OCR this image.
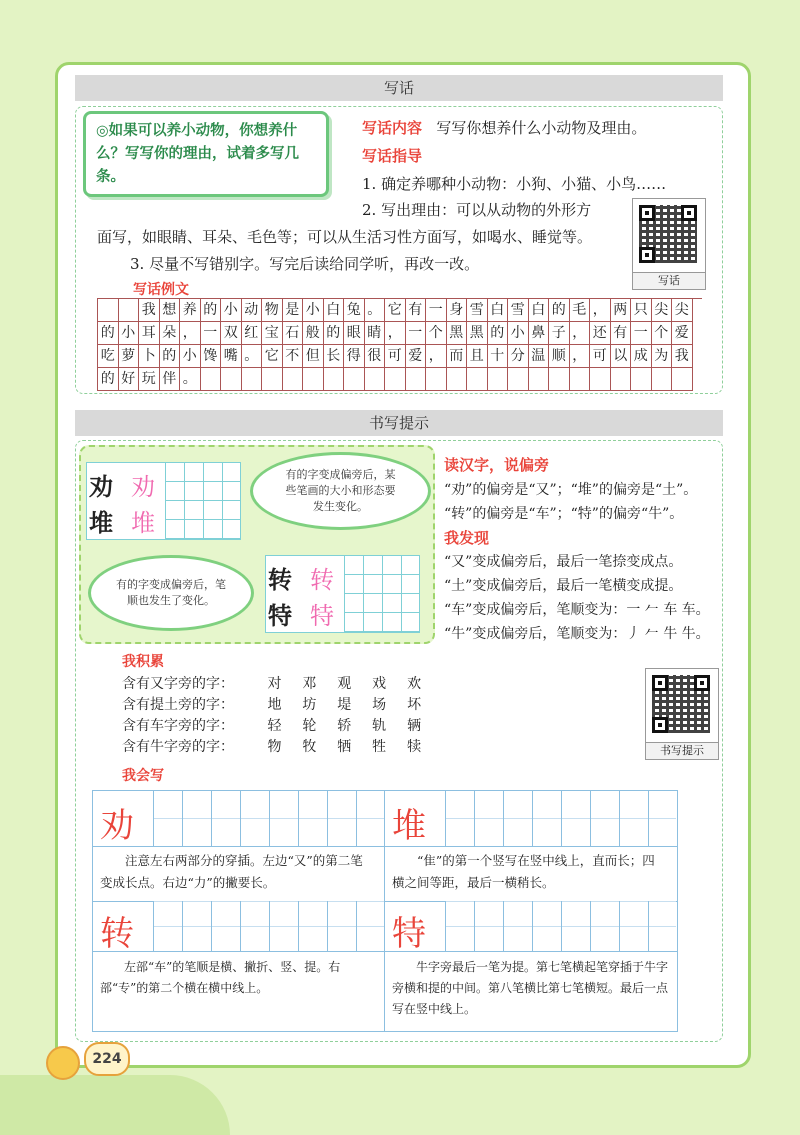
写话
◎如果可以养小动物，你想养什么？写写你的理由，试着多写几条。
写话内容 写写你想养什么小动物及理由。
写话指导
1. 确定养哪种小动物：小狗、小猫、小鸟……
2. 写出理由：可以从动物的外形方
面写，如眼睛、耳朵、毛色等；可以从生活习性方面写，如喝水、睡觉等。
3. 尽量不写错别字。写完后读给同学听，再改一改。
写话
写话例文
我 想 养 的 小 动 物 是 小 白 兔 。 它 有 一 身 雪 白 雪 白 的 毛 ， 两 只 尖 尖
的 小 耳 朵 ， 一 双 红 宝 石 般 的 眼 睛 ， 一 个 黑 黑 的 小 鼻 子 ， 还 有 一 个 爱
吃 萝 卜 的 小 馋 嘴 。 它 不 但 长 得 很 可 爱 ， 而 且 十 分 温 顺 ， 可 以 成 为 我
的 好 玩 伴 。
书写提示
劝 劝
堆 堆
有的字变成偏旁后，某些笔画的大小和形态要发生变化。
有的字变成偏旁后，笔顺也发生了变化。
转 转
特 特
读汉字，说偏旁
“劝”的偏旁是“又”；“堆”的偏旁是“土”。
“转”的偏旁是“车”；“特”的偏旁“牛”。
我发现
“又”变成偏旁后，最后一笔捺变成点。
“土”变成偏旁后，最后一笔横变成提。
“车”变成偏旁后，笔顺变为：一 𠂉 车 车。
“牛”变成偏旁后，笔顺变为：丿 𠂉 牛 牛。
我积累
含有又字旁的字：	对	邓	观	戏	欢
含有提土旁的字：	地	坊	堤	场	坏
含有车字旁的字：	轻	轮	轿	轨	辆
含有牛字旁的字：	物	牧	牺	牲	犊	书写提示
我会写
劝	堆
转	特
注意左右两部分的穿插。左边“又”的第二笔变成长点。右边“力”的撇要长。
“隹”的第一个竖写在竖中线上，直而长；四横之间等距，最后一横稍长。
左部“车”的笔顺是横、撇折、竖、提。右部“专”的第二个横在横中线上。
牛字旁最后一笔为提。第七笔横起笔穿插于牛字旁横和提的中间。第八笔横比第七笔横短。最后一点写在竖中线上。
224
